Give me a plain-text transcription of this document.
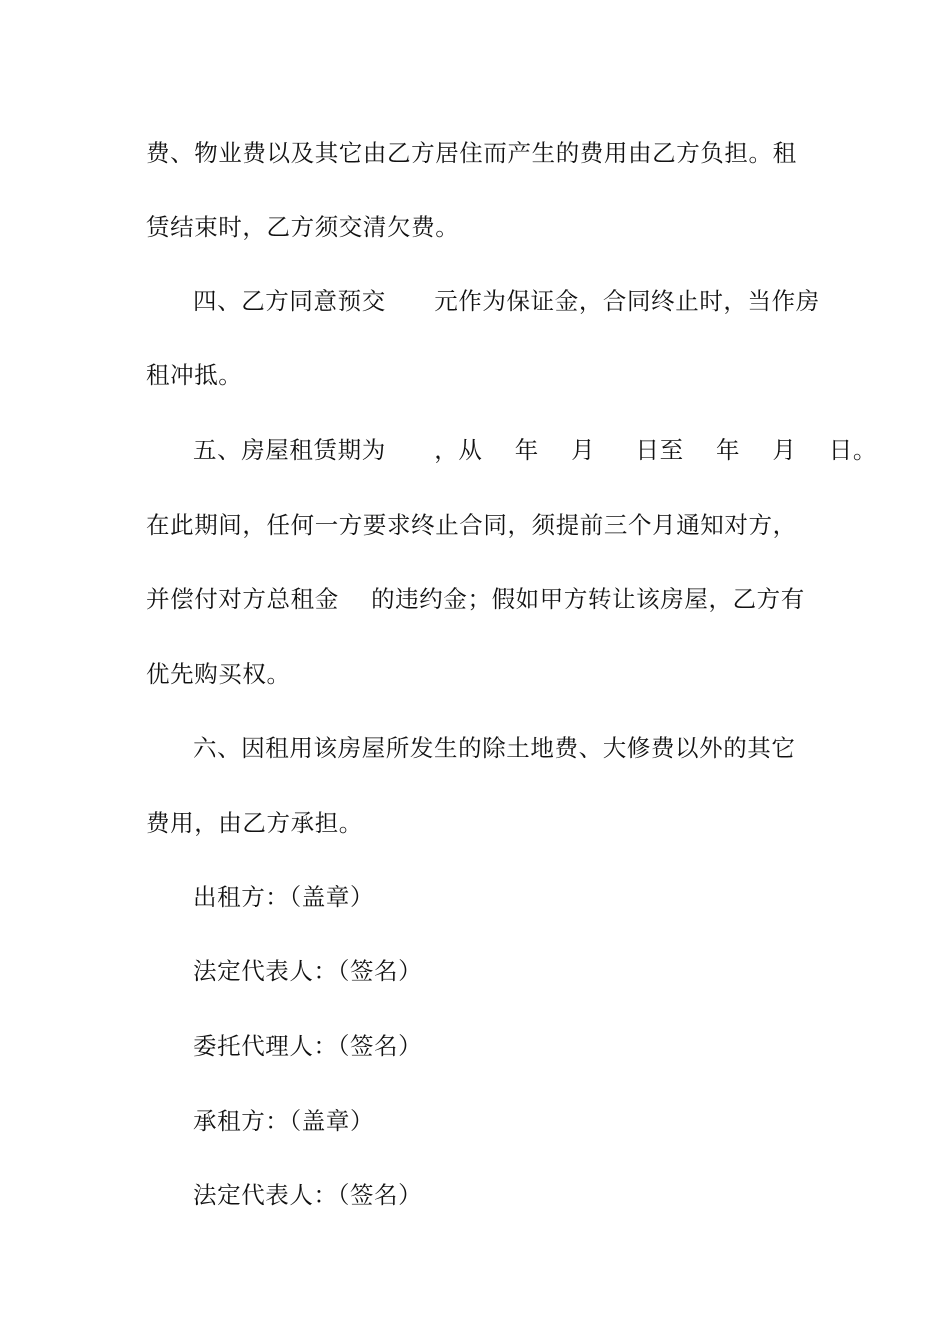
费、物业费以及其它由乙方居住而产生的费用由乙方负担。租
赁结束时，乙方须交清欠费。
四、乙方同意预交      元作为保证金，合同终止时，当作房
租冲抵。
五、房屋租赁期为      ，从    年    月     日至    年    月    日。
在此期间，任何一方要求终止合同，须提前三个月通知对方，
并偿付对方总租金    的违约金；假如甲方转让该房屋，乙方有
优先购买权。
六、因租用该房屋所发生的除土地费、大修费以外的其它
费用，由乙方承担。
出租方：（盖章）
法定代表人：（签名）
委托代理人：（签名）
承租方：（盖章）
法定代表人：（签名）
